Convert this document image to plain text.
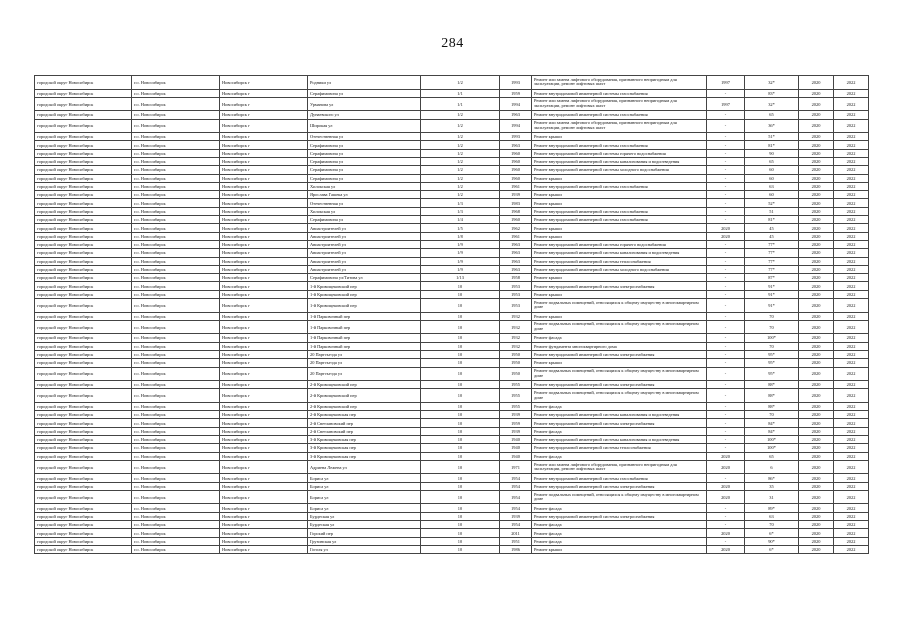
284
городской округ Новосибирск	г.о. Новосибирск	Новосибирск г	Родники ул	1/2	1993	Ремонт или замена лифтового оборудования, признанного непригодным для эксплуатации, ремонт лифтовых шахт	1997	32*	2020	2022
городской округ Новосибирск	г.о. Новосибирск	Новосибирск г	Серафимовича ул	1/1	1959	Ремонт внутридомовой инженерной системы газоснабжения	-	83*	2020	2022
городской округ Новосибирск	г.о. Новосибирск	Новосибирск г	Урманова ул	1/1	1994	Ремонт или замена лифтового оборудования, признанного непригодным для эксплуатации, ремонт лифтовых шахт	1997	32*	2020	2022
городской округ Новосибирск	г.о. Новосибирск	Новосибирск г	Дунаевского ул	1/2	1963	Ремонт внутридомовой инженерной системы газоснабжения	-	65	2020	2022
городской округ Новосибирск	г.о. Новосибирск	Новосибирск г	Широкая ул	1/2	1994	Ремонт или замена лифтового оборудования, признанного непригодным для эксплуатации, ремонт лифтовых шахт	-	36*	2020	2022
городской округ Новосибирск	г.о. Новосибирск	Новосибирск г	Отечественная ул	1/2	1993	Ремонт крыши	-	51*	2020	2022
городской округ Новосибирск	г.о. Новосибирск	Новосибирск г	Серафимовича ул	1/2	1963	Ремонт внутридомовой инженерной системы газоснабжения	-	81*	2020	2022
городской округ Новосибирск	г.о. Новосибирск	Новосибирск г	Серафимовича ул	1/2	1960	Ремонт внутридомовой инженерной системы горячего водоснабжения	-	90	2020	2022
городской округ Новосибирск	г.о. Новосибирск	Новосибирск г	Серафимовича ул	1/2	1960	Ремонт внутридомовой инженерной системы канализования и водоотведения	-	65	2020	2022
городской округ Новосибирск	г.о. Новосибирск	Новосибирск г	Серафимовича ул	1/2	1960	Ремонт внутридомовой инженерной системы холодного водоснабжения	-	60	2020	2022
городской округ Новосибирск	г.о. Новосибирск	Новосибирск г	Серафимовича ул	1/2	1960	Ремонт крыши	-	60	2020	2022
городской округ Новосибирск	г.о. Новосибирск	Новосибирск г	Хилокская ул	1/2	1961	Ремонт внутридомовой инженерной системы газоснабжения	-	63	2020	2022
городской округ Новосибирск	г.о. Новосибирск	Новосибирск г	Ярослава Гашека ул	1/2	1939	Ремонт крыши	-	60	2020	2022
городской округ Новосибирск	г.о. Новосибирск	Новосибирск г	Отечественная ул	1/3	1983	Ремонт крыши	-	52*	2020	2022
городской округ Новосибирск	г.о. Новосибирск	Новосибирск г	Хилокская ул	1/3	1968	Ремонт внутридомовой инженерной системы газоснабжения	-	51	2020	2022
городской округ Новосибирск	г.о. Новосибирск	Новосибирск г	Серафимовича ул	1/4	1960	Ремонт внутридомовой инженерной системы газоснабжения	-	81*	2020	2022
городской округ Новосибирск	г.о. Новосибирск	Новосибирск г	Авиастроителей ул	1/5	1962	Ремонт крыши	2020	45	2020	2022
городской округ Новосибирск	г.о. Новосибирск	Новосибирск г	Авиастроителей ул	1/8	1961	Ремонт крыши	2020	45	2020	2022
городской округ Новосибирск	г.о. Новосибирск	Новосибирск г	Авиастроителей ул	1/9	1963	Ремонт внутридомовой инженерной системы горячего водоснабжения	-	77*	2020	2022
городской округ Новосибирск	г.о. Новосибирск	Новосибирск г	Авиастроителей ул	1/9	1963	Ремонт внутридомовой инженерной системы канализования и водоотведения	-	77*	2020	2022
городской округ Новосибирск	г.о. Новосибирск	Новосибирск г	Авиастроителей ул	1/9	1963	Ремонт внутридомовой инженерной системы теплоснабжения	-	77*	2020	2022
городской округ Новосибирск	г.о. Новосибирск	Новосибирск г	Авиастроителей ул	1/9	1963	Ремонт внутридомовой инженерной системы холодного водоснабжения	-	77*	2020	2022
городской округ Новосибирск	г.о. Новосибирск	Новосибирск г	Серафимовича ул/Титова ул	1/13	1958	Ремонт крыши	-	87*	2020	2022
городской округ Новосибирск	г.о. Новосибирск	Новосибирск г	1-й Кривощековский пер	10	1953	Ремонт внутридомовой инженерной системы электроснабжения	-	91*	2020	2022
городской округ Новосибирск	г.о. Новосибирск	Новосибирск г	1-й Кривощековский пер	10	1953	Ремонт крыши	-	91*	2020	2022
городской округ Новосибирск	г.о. Новосибирск	Новосибирск г	1-й Кривощековский пер	10	1953	Ремонт подвальных помещений, относящихся к общему имуществу в многоквартирном доме	-	91*	2020	2022
городской округ Новосибирск	г.о. Новосибирск	Новосибирск г	1-й Парковочный пер	10	1932	Ремонт крыши	-	70	2020	2022
городской округ Новосибирск	г.о. Новосибирск	Новосибирск г	1-й Парковочный пер	10	1932	Ремонт подвальных помещений, относящихся к общему имуществу в многоквартирном доме	-	70	2020	2022
городской округ Новосибирск	г.о. Новосибирск	Новосибирск г	1-й Парковочный пер	10	1932	Ремонт фасада	-	100*	2020	2022
городской округ Новосибирск	г.о. Новосибирск	Новосибирск г	1-й Парковочный пер	10	1932	Ремонт фундамента многоквартирного дома	-	70	2020	2022
городской округ Новосибирск	г.о. Новосибирск	Новосибирск г	20 Партсъезда ул	10	1950	Ремонт внутридомовой инженерной системы электроснабжения	-	95*	2020	2022
городской округ Новосибирск	г.о. Новосибирск	Новосибирск г	20 Партсъезда ул	10	1950	Ремонт крыши	-	95*	2020	2022
городской округ Новосибирск	г.о. Новосибирск	Новосибирск г	20 Партсъезда ул	10	1950	Ремонт подвальных помещений, относящихся к общему имуществу в многоквартирном доме	-	95*	2020	2022
городской округ Новосибирск	г.о. Новосибирск	Новосибирск г	2-й Кривощековский пер	10	1955	Ремонт внутридомовой инженерной системы электроснабжения	-	88*	2020	2022
городской округ Новосибирск	г.о. Новосибирск	Новосибирск г	2-й Кривощековский пер	10	1955	Ремонт подвальных помещений, относящихся к общему имуществу в многоквартирном доме	-	88*	2020	2022
городской округ Новосибирск	г.о. Новосибирск	Новосибирск г	2-й Кривощековский пер	10	1955	Ремонт фасада	-	88*	2020	2022
городской округ Новосибирск	г.о. Новосибирск	Новосибирск г	2-й Кривощековская пер	10	1939	Ремонт внутридомовой инженерной системы канализования и водоотведения	-	70	2020	2022
городской округ Новосибирск	г.о. Новосибирск	Новосибирск г	2-й Светлановский пер	10	1959	Ремонт внутридомовой инженерной системы электроснабжения	-	84*	2020	2022
городской округ Новосибирск	г.о. Новосибирск	Новосибирск г	2-й Светлановский пер	10	1939	Ремонт фасада	-	84*	2020	2022
городской округ Новосибирск	г.о. Новосибирск	Новосибирск г	3-й Кривощековская пер	10	1940	Ремонт внутридомовой инженерной системы канализования и водоотведения	-	100*	2020	2022
городской округ Новосибирск	г.о. Новосибирск	Новосибирск г	3-й Кривощековская пер	10	1940	Ремонт внутридомовой инженерной системы теплоснабжения	-	100*	2020	2022
городской округ Новосибирск	г.о. Новосибирск	Новосибирск г	3-й Кривощековская пер	10	1940	Ремонт фасада	2020	65	2020	2022
городской округ Новосибирск	г.о. Новосибирск	Новосибирск г	Адриена Лежена ул	10	1971	Ремонт или замена лифтового оборудования, признанного непригодным для эксплуатации, ремонт лифтовых шахт	2020	6	2020	2022
городской округ Новосибирск	г.о. Новосибирск	Новосибирск г	Бориса ул	10	1954	Ремонт внутридомовой инженерной системы газоснабжения	-	86*	2020	2022
городской округ Новосибирск	г.о. Новосибирск	Новосибирск г	Бориса ул	10	1954	Ремонт внутридомовой инженерной системы электроснабжения	2020	35	2020	2022
городской округ Новосибирск	г.о. Новосибирск	Новосибирск г	Бориса ул	10	1954	Ремонт подвальных помещений, относящихся к общему имуществу в многоквартирном доме	2020	31	2020	2022
городской округ Новосибирск	г.о. Новосибирск	Новосибирск г	Бориса ул	10	1954	Ремонт фасада	-	89*	2020	2022
городской округ Новосибирск	г.о. Новосибирск	Новосибирск г	Бурдеская ул	10	1939	Ремонт внутридомовой инженерной системы электроснабжения	-	63	2020	2022
городской округ Новосибирск	г.о. Новосибирск	Новосибирск г	Бурдеская ул	10	1954	Ремонт фасада	-	70	2020	2022
городской округ Новосибирск	г.о. Новосибирск	Новосибирск г	Горский пер	10	2011	Ремонт фасада	2020	6*	2020	2022
городской округ Новосибирск	г.о. Новосибирск	Новосибирск г	Грузинская ул	10	1951	Ремонт фасада	-	90*	2020	2022
городской округ Новосибирск	г.о. Новосибирск	Новосибирск г	Гоголя ул	10	1986	Ремонт крыши	2020	6*	2020	2022
